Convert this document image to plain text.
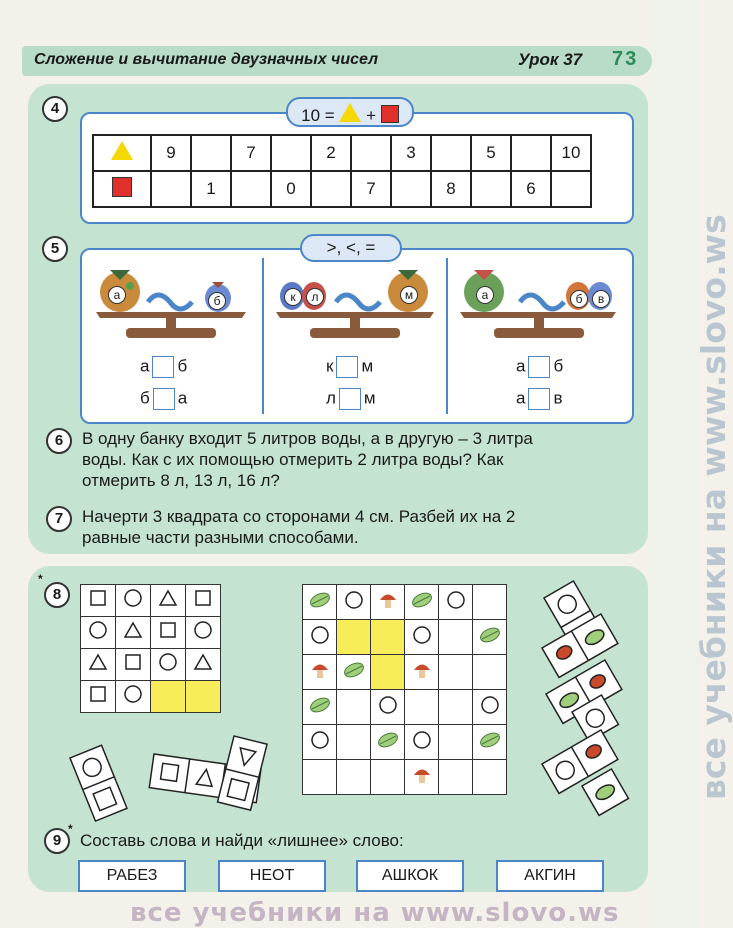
все учебники на www.slovo.ws
Сложение и вычитание двузначных чисел	Урок 37 73
4	10 = +
	9		7		2		3		5		10
		1		0		7		8		6	
5	>, <, =
а	б	к	л	м	а	б	в
а б
б а
к м
л м
а б
а в
6	В одну банку входит 5 литров воды, а в другую – 3 литра
воды. Как с их помощью отмерить 2 литра воды? Как
отмерить 8 л, 13 л, 16 л?
7	Начерти 3 квадрата со сторонами 4 см. Разбей их на 2
равные части разными способами.
*
8

*
9	Составь слова и найди «лишнее» слово:
РАБЕЗ	НЕОТ	АШКОК	АКГИН
все учебники на www.slovo.ws
